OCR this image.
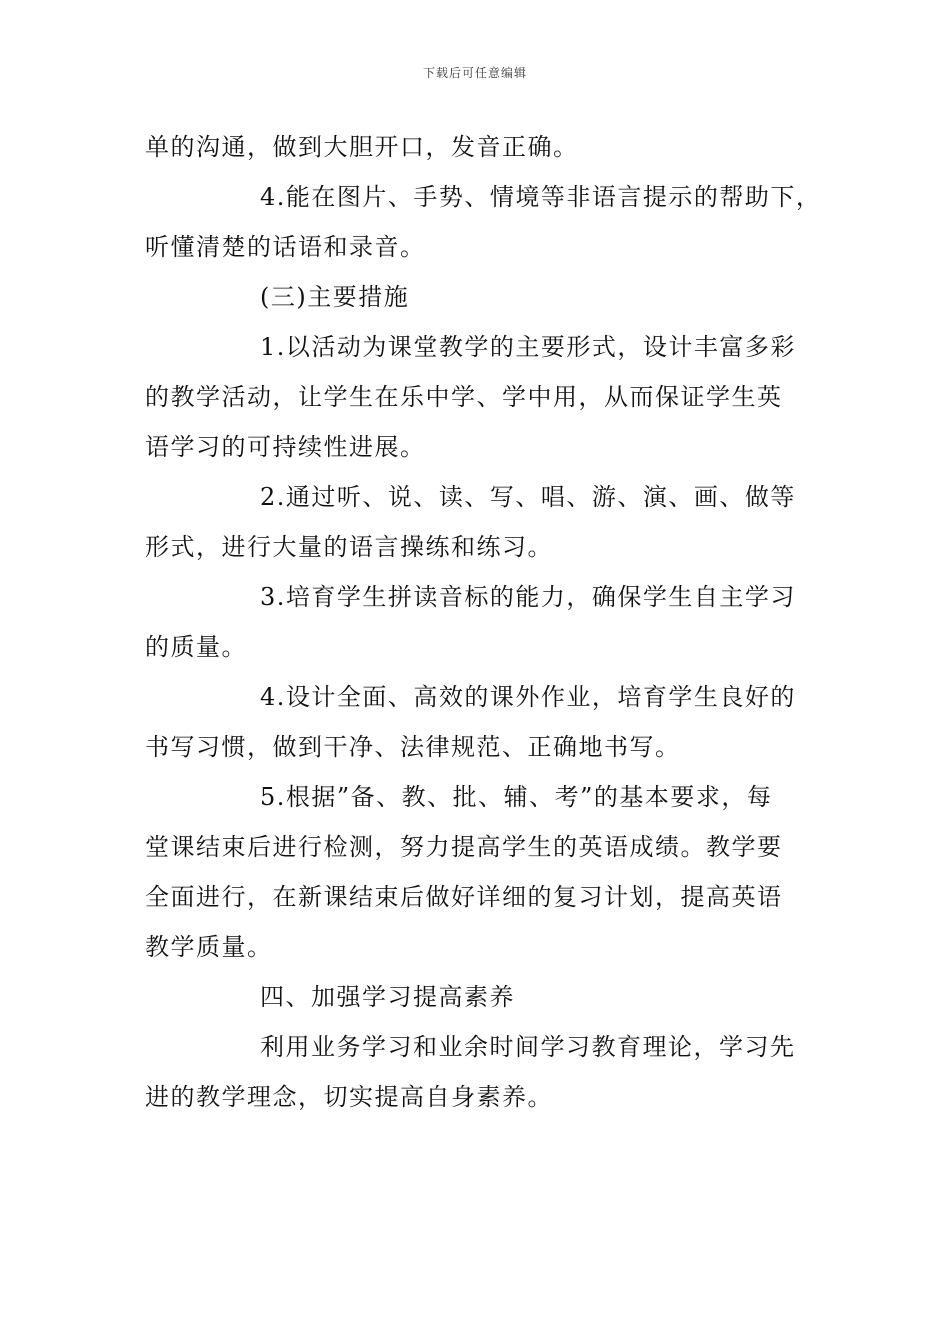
下载后可任意编辑
单的沟通，做到大胆开口，发音正确。
4.能在图片、手势、情境等非语言提示的帮助下，
听懂清楚的话语和录音。
(三)主要措施
1.以活动为课堂教学的主要形式，设计丰富多彩
的教学活动，让学生在乐中学、学中用，从而保证学生英
语学习的可持续性进展。
2.通过听、说、读、写、唱、游、演、画、做等
形式，进行大量的语言操练和练习。
3.培育学生拼读音标的能力，确保学生自主学习
的质量。
4.设计全面、高效的课外作业，培育学生良好的
书写习惯，做到干净、法律规范、正确地书写。
5.根据”备、教、批、辅、考”的基本要求，每
堂课结束后进行检测，努力提高学生的英语成绩。教学要
全面进行，在新课结束后做好详细的复习计划，提高英语
教学质量。
四、加强学习提高素养
利用业务学习和业余时间学习教育理论，学习先
进的教学理念，切实提高自身素养。
